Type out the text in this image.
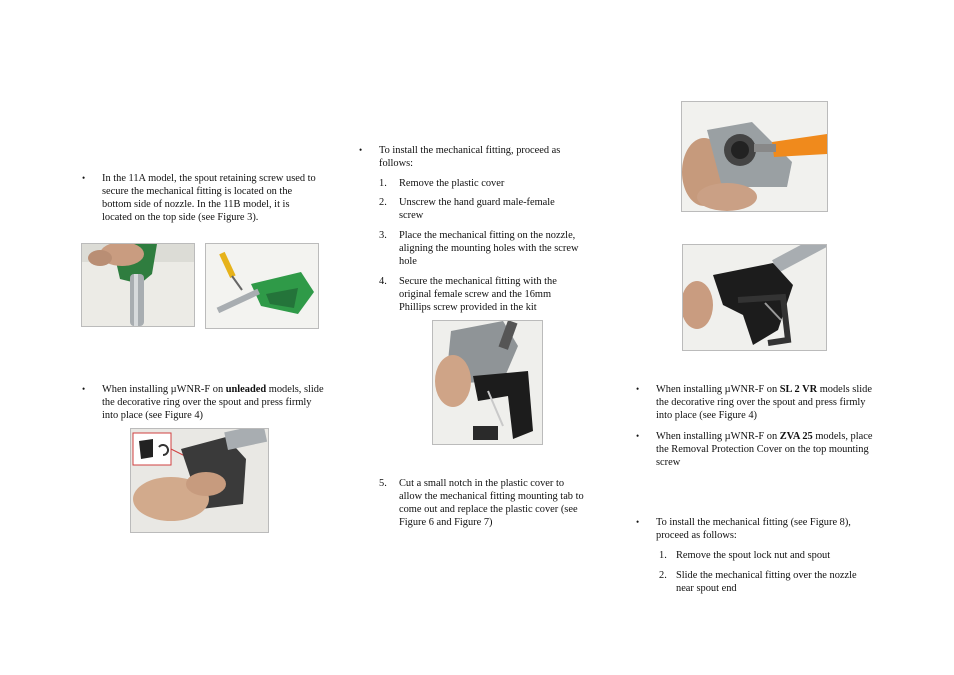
• In the 11A model, the spout retaining screw used to secure the mechanical fitting is located on the bottom side of nozzle. In the 11B model, it is located on the top side (see Figure 3).
• When installing µWNR-F on unleaded models, slide the decorative ring over the spout and press firmly into place (see Figure 4)
• To install the mechanical fitting, proceed as follows:
1. Remove the plastic cover
2. Unscrew the hand guard male-female screw
3. Place the mechanical fitting on the nozzle, aligning the mounting holes with the screw hole
4. Secure the mechanical fitting with the original female screw and the 16mm Phillips screw provided in the kit
5. Cut a small notch in the plastic cover to allow the mechanical fitting mounting tab to come out and replace the plastic cover (see Figure 6 and Figure 7)
• When installing µWNR-F on SL 2 VR models slide the decorative ring over the spout and press firmly into place (see Figure 4)
• When installing µWNR-F on ZVA 25 models, place the Removal Protection Cover on the top mounting screw
• To install the mechanical fitting (see Figure 8), proceed as follows:
1. Remove the spout lock nut and spout
2. Slide the mechanical fitting over the nozzle near spout end
